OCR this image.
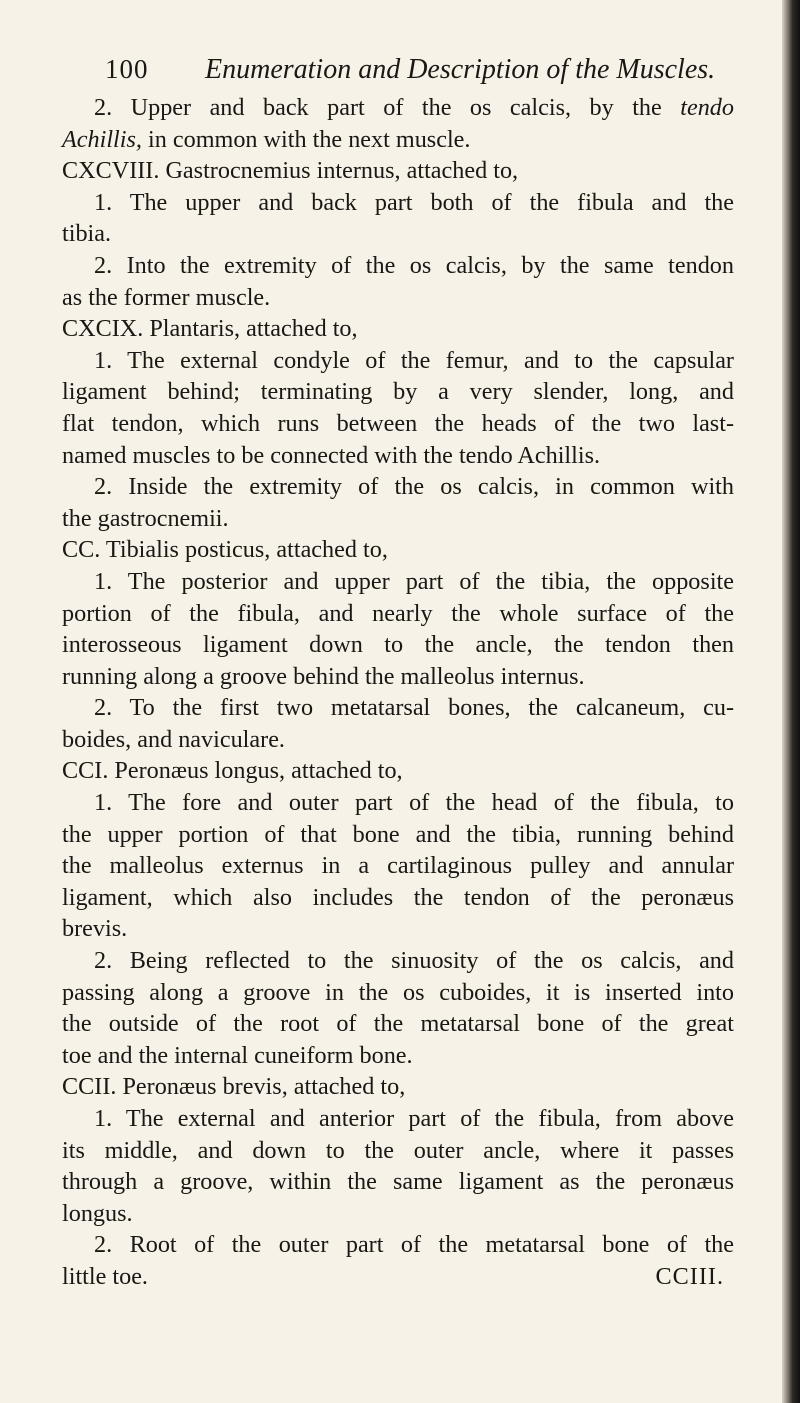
100 Enumeration and Description of the Muscles.
2. Upper and back part of the os calcis, by the tendo
Achillis, in common with the next muscle.
CXCVIII. Gastrocnemius internus, attached to,
1. The upper and back part both of the fibula and the
tibia.
2. Into the extremity of the os calcis, by the same tendon
as the former muscle.
CXCIX. Plantaris, attached to,
1. The external condyle of the femur, and to the capsular
ligament behind; terminating by a very slender, long, and
flat tendon, which runs between the heads of the two last-
named muscles to be connected with the tendo Achillis.
2. Inside the extremity of the os calcis, in common with
the gastrocnemii.
CC. Tibialis posticus, attached to,
1. The posterior and upper part of the tibia, the opposite
portion of the fibula, and nearly the whole surface of the
interosseous ligament down to the ancle, the tendon then
running along a groove behind the malleolus internus.
2. To the first two metatarsal bones, the calcaneum, cu-
boides, and naviculare.
CCI. Peronæus longus, attached to,
1. The fore and outer part of the head of the fibula, to
the upper portion of that bone and the tibia, running behind
the malleolus externus in a cartilaginous pulley and annular
ligament, which also includes the tendon of the peronæus
brevis.
2. Being reflected to the sinuosity of the os calcis, and
passing along a groove in the os cuboides, it is inserted into
the outside of the root of the metatarsal bone of the great
toe and the internal cuneiform bone.
CCII. Peronæus brevis, attached to,
1. The external and anterior part of the fibula, from above
its middle, and down to the outer ancle, where it passes
through a groove, within the same ligament as the peronæus
longus.
2. Root of the outer part of the metatarsal bone of the
little toe.	CCIII.
